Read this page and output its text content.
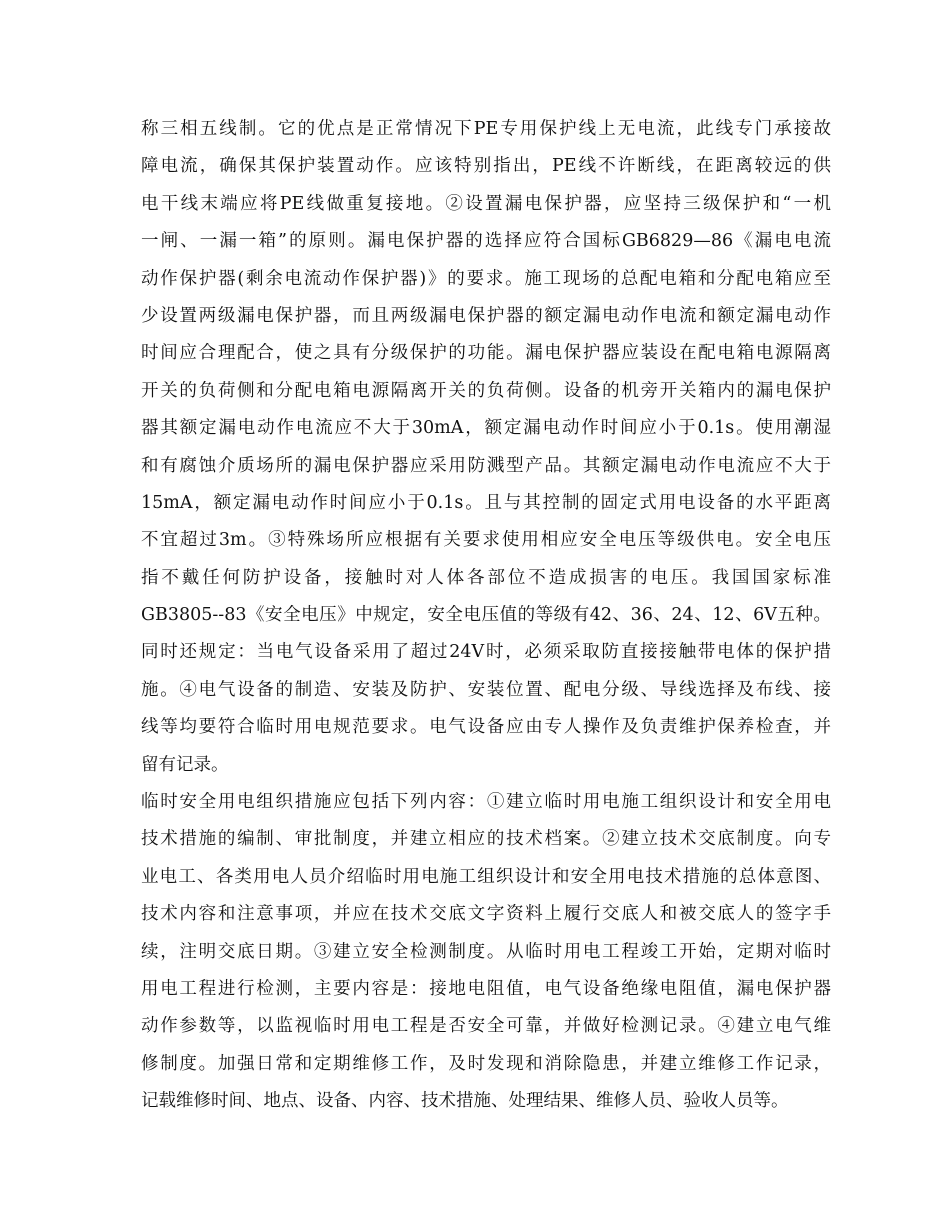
称三相五线制。它的优点是正常情况下PE专用保护线上无电流，此线专门承接故
障电流，确保其保护装置动作。应该特别指出，PE线不许断线，在距离较远的供
电干线末端应将PE线做重复接地。②设置漏电保护器，应坚持三级保护和“一机
一闸、一漏一箱”的原则。漏电保护器的选择应符合国标GB6829—86《漏电电流
动作保护器(剩余电流动作保护器)》的要求。施工现场的总配电箱和分配电箱应至
少设置两级漏电保护器，而且两级漏电保护器的额定漏电动作电流和额定漏电动作
时间应合理配合，使之具有分级保护的功能。漏电保护器应装设在配电箱电源隔离
开关的负荷侧和分配电箱电源隔离开关的负荷侧。设备的机旁开关箱内的漏电保护
器其额定漏电动作电流应不大于30mA，额定漏电动作时间应小于0.1s。使用潮湿
和有腐蚀介质场所的漏电保护器应采用防溅型产品。其额定漏电动作电流应不大于
15mA，额定漏电动作时间应小于0.1s。且与其控制的固定式用电设备的水平距离
不宜超过3m。③特殊场所应根据有关要求使用相应安全电压等级供电。安全电压
指不戴任何防护设备，接触时对人体各部位不造成损害的电压。我国国家标准
GB3805--83《安全电压》中规定，安全电压值的等级有42、36、24、12、6V五种。
同时还规定：当电气设备采用了超过24V时，必须采取防直接接触带电体的保护措
施。④电气设备的制造、安装及防护、安装位置、配电分级、导线选择及布线、接
线等均要符合临时用电规范要求。电气设备应由专人操作及负责维护保养检查，并
留有记录。
临时安全用电组织措施应包括下列内容：①建立临时用电施工组织设计和安全用电
技术措施的编制、审批制度，并建立相应的技术档案。②建立技术交底制度。向专
业电工、各类用电人员介绍临时用电施工组织设计和安全用电技术措施的总体意图、
技术内容和注意事项，并应在技术交底文字资料上履行交底人和被交底人的签字手
续，注明交底日期。③建立安全检测制度。从临时用电工程竣工开始，定期对临时
用电工程进行检测，主要内容是：接地电阻值，电气设备绝缘电阻值，漏电保护器
动作参数等，以监视临时用电工程是否安全可靠，并做好检测记录。④建立电气维
修制度。加强日常和定期维修工作，及时发现和消除隐患，并建立维修工作记录，
记载维修时间、地点、设备、内容、技术措施、处理结果、维修人员、验收人员等。
